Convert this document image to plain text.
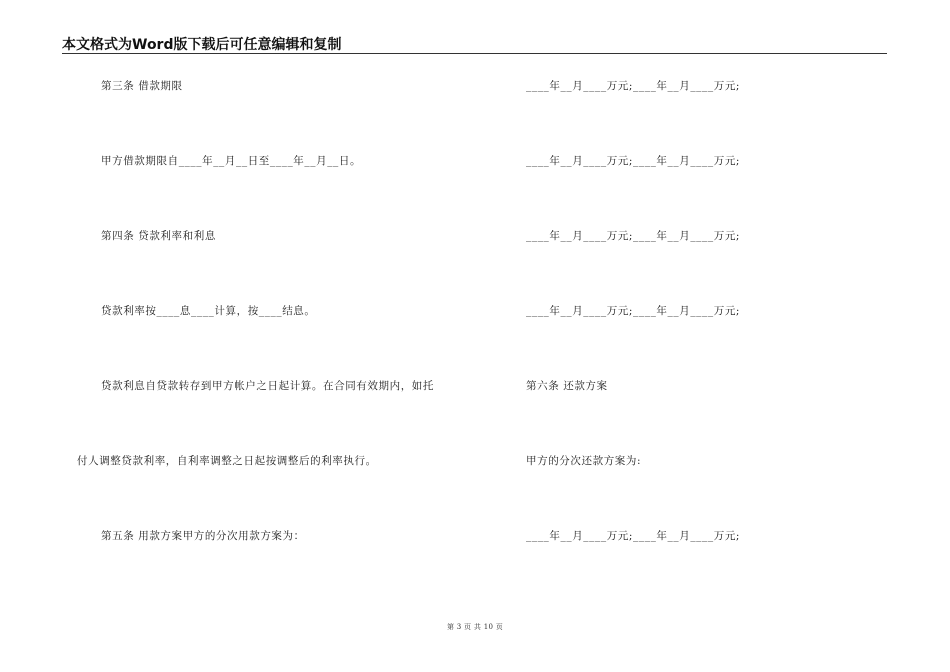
本文格式为Word版下载后可任意编辑和复制
第三条 借款期限
甲方借款期限自____年__月__日至____年__月__日。
第四条 贷款利率和利息
贷款利率按____息____计算，按____结息。
贷款利息自贷款转存到甲方帐户之日起计算。在合同有效期内，如托
付人调整贷款利率，自利率调整之日起按调整后的利率执行。
第五条 用款方案甲方的分次用款方案为：
____年__月____万元;____年__月____万元;
____年__月____万元;____年__月____万元;
____年__月____万元;____年__月____万元;
____年__月____万元;____年__月____万元;
第六条 还款方案
甲方的分次还款方案为:
____年__月____万元;____年__月____万元;
第 3 页 共 10 页
